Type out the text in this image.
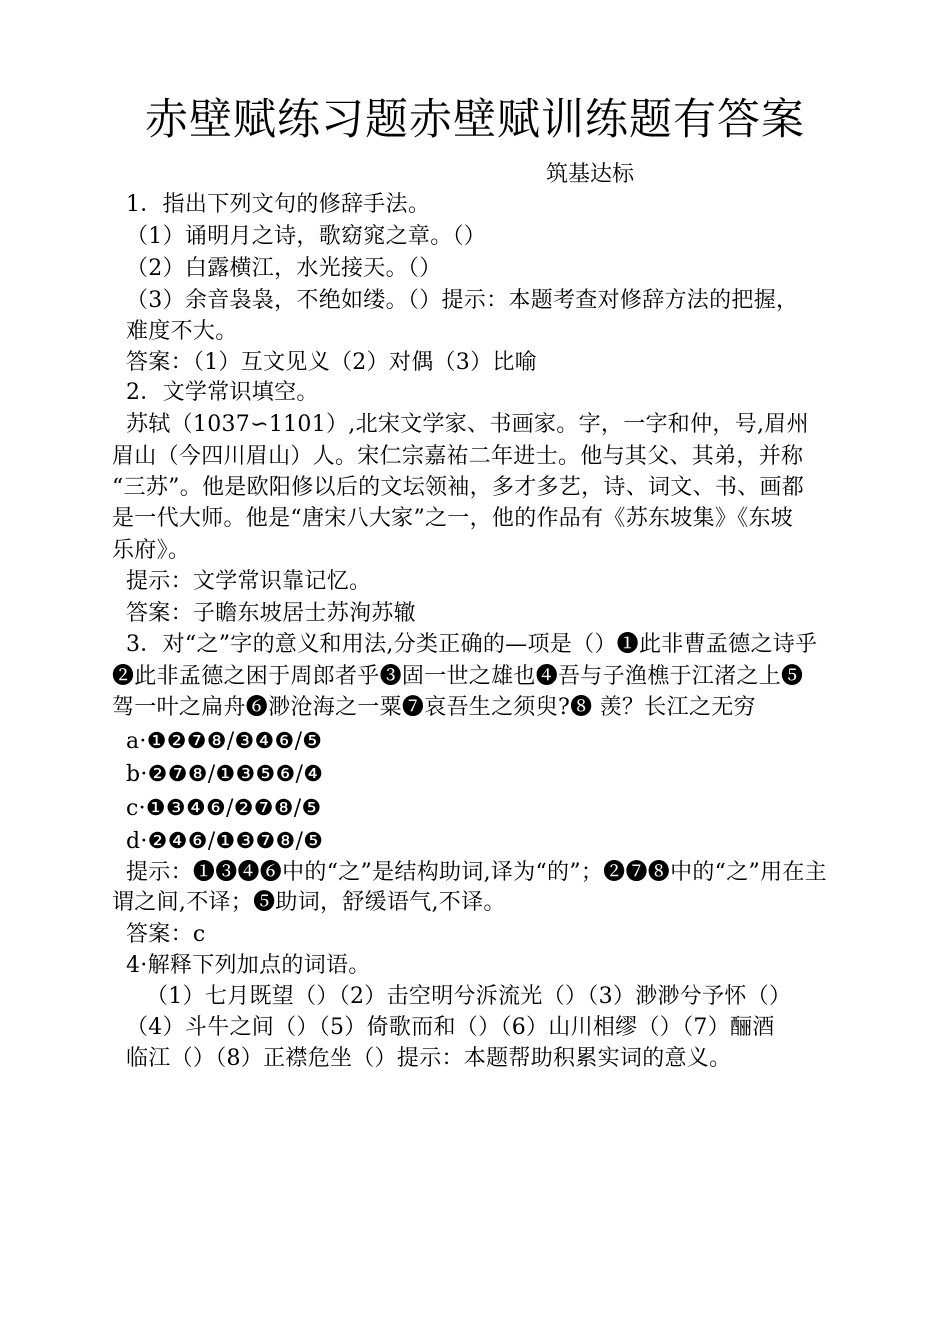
赤壁赋练习题赤壁赋训练题有答案
筑基达标
1．指出下列文句的修辞手法。
（1）诵明月之诗，歌窈窕之章。（）
（2）白露横江，水光接天。（）
（3）余音袅袅，不绝如缕。（）提示：本题考查对修辞方法的把握，
难度不大。
答案：（1）互文见义（2）对偶（3）比喻
2．文学常识填空。
苏轼（1037∽1101）,北宋文学家、书画家。字，一字和仲，号,眉州
眉山（今四川眉山）人。宋仁宗嘉祐二年进士。他与其父、其弟，并称
“三苏”。他是欧阳修以后的文坛领袖，多才多艺，诗、词文、书、画都
是一代大师。他是“唐宋八大家”之一，他的作品有《苏东坡集》《东坡
乐府》。
提示：文学常识靠记忆。
答案：子瞻东坡居士苏洵苏辙
3．对“之”字的意义和用法,分类正确的—项是（）❶此非曹孟德之诗乎
❷此非孟德之困于周郎者乎❸固一世之雄也❹吾与子渔樵于江渚之上❺
驾一叶之扁舟❻渺沧海之一粟❼哀吾生之须臾?❽ 羡？长江之无穷
a·❶❷❼❽/❸❹❻/❺
b·❷❼❽/❶❸❺❻/❹
c·❶❸❹❻/❷❼❽/❺
d·❷❹❻/❶❸❼❽/❺
提示：❶❸❹❻中的“之”是结构助词,译为“的”；❷❼❽中的“之”用在主
谓之间,不译；❺助词，舒缓语气,不译。
答案：c
4·解释下列加点的词语。
（1）七月既望（）（2）击空明兮泝流光（）（3）渺渺兮予怀（）
（4）斗牛之间（）（5）倚歌而和（）（6）山川相缪（）（7）酾酒
临江（）（8）正襟危坐（）提示：本题帮助积累实词的意义。
